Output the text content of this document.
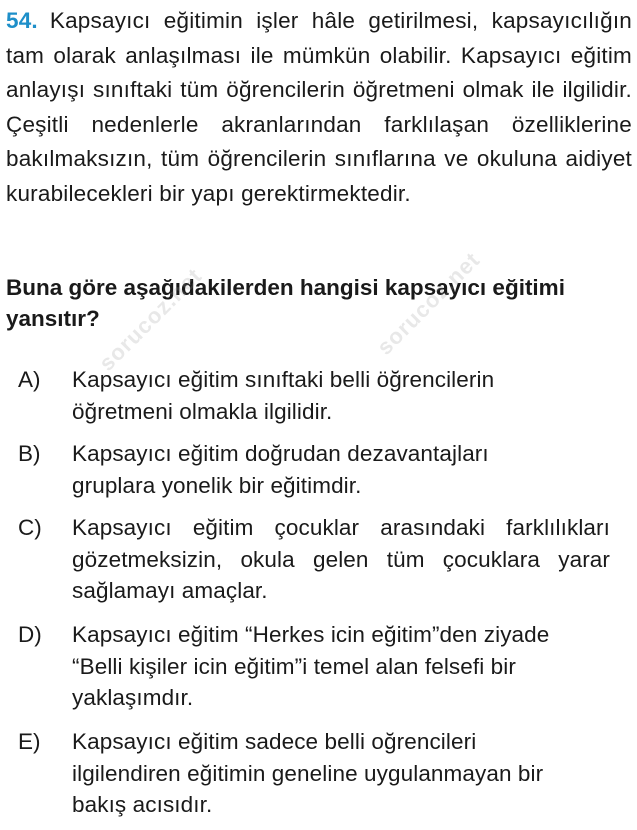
54. Kapsayıcı eğitimin işler hâle getirilmesi, kapsayıcılığın tam olarak anlaşılması ile mümkün olabilir. Kapsayıcı eğitim anlayışı sınıftaki tüm öğrencilerin öğretmeni olmak ile ilgilidir. Çeşitli nedenlerle akranlarından farklılaşan özelliklerine bakılmaksızın, tüm öğrencilerin sınıflarına ve okuluna aidiyet kurabilecekleri bir yapı gerektirmektedir.

Buna göre aşağıdakilerden hangisi kapsayıcı eğitimi yansıtır?

A) Kapsayıcı eğitim sınıftaki belli öğrencilerin öğretmeni olmakla ilgilidir.
B) Kapsayıcı eğitim doğrudan dezavantajları gruplara yonelik bir eğitimdir.
C) Kapsayıcı eğitim çocuklar arasındaki farklılıkları gözetmeksizin, okula gelen tüm çocuklara yarar sağlamayı amaçlar.
D) Kapsayıcı eğitim “Herkes icin eğitim”den ziyade “Belli kişiler icin eğitim”i temel alan felsefi bir yaklaşımdır.
E) Kapsayıcı eğitim sadece belli oğrencileri ilgilendiren eğitimin geneline uygulanmayan bir bakış acısıdır.
sorucoz.net	sorucoz.net
